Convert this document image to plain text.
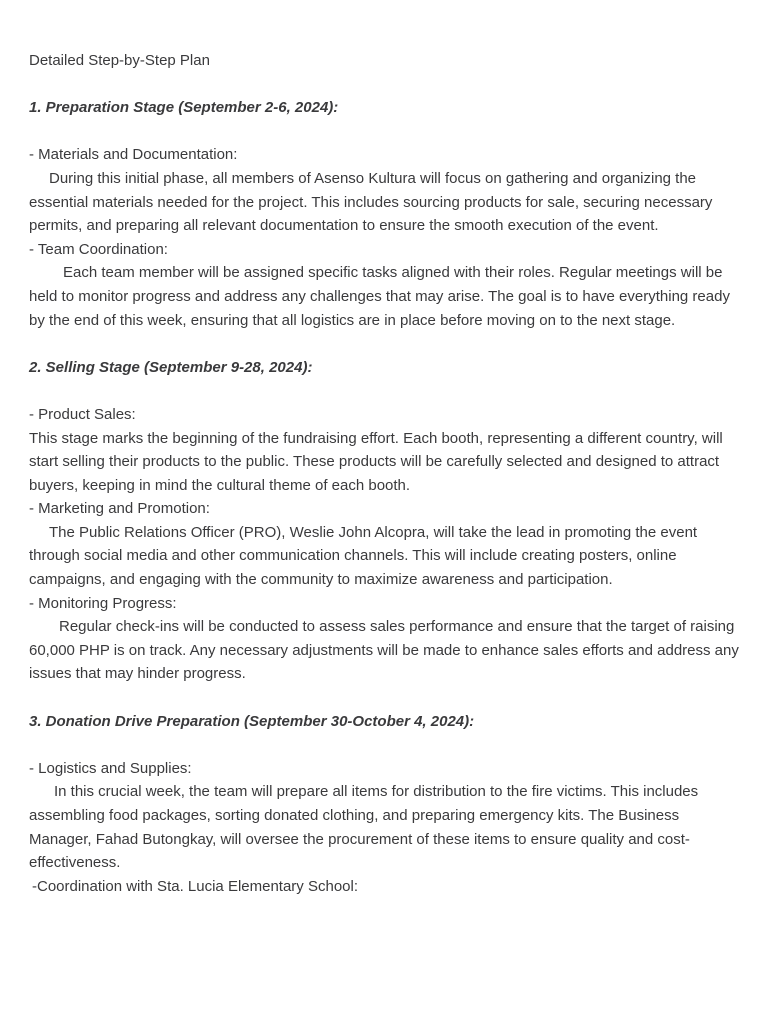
Detailed Step-by-Step Plan
1. Preparation Stage (September 2-6, 2024):
- Materials and Documentation:
During this initial phase, all members of Asenso Kultura will focus on gathering and organizing the essential materials needed for the project. This includes sourcing products for sale, securing necessary permits, and preparing all relevant documentation to ensure the smooth execution of the event.
- Team Coordination:
Each team member will be assigned specific tasks aligned with their roles. Regular meetings will be held to monitor progress and address any challenges that may arise. The goal is to have everything ready by the end of this week, ensuring that all logistics are in place before moving on to the next stage.
2. Selling Stage (September 9-28, 2024):
- Product Sales:
This stage marks the beginning of the fundraising effort. Each booth, representing a different country, will start selling their products to the public. These products will be carefully selected and designed to attract buyers, keeping in mind the cultural theme of each booth.
- Marketing and Promotion:
The Public Relations Officer (PRO), Weslie John Alcopra, will take the lead in promoting the event through social media and other communication channels. This will include creating posters, online campaigns, and engaging with the community to maximize awareness and participation.
- Monitoring Progress:
Regular check-ins will be conducted to assess sales performance and ensure that the target of raising 60,000 PHP is on track. Any necessary adjustments will be made to enhance sales efforts and address any issues that may hinder progress.
3. Donation Drive Preparation (September 30-October 4, 2024):
- Logistics and Supplies:
In this crucial week, the team will prepare all items for distribution to the fire victims. This includes assembling food packages, sorting donated clothing, and preparing emergency kits. The Business Manager, Fahad Butongkay, will oversee the procurement of these items to ensure quality and cost-effectiveness.
-Coordination with Sta. Lucia Elementary School:
